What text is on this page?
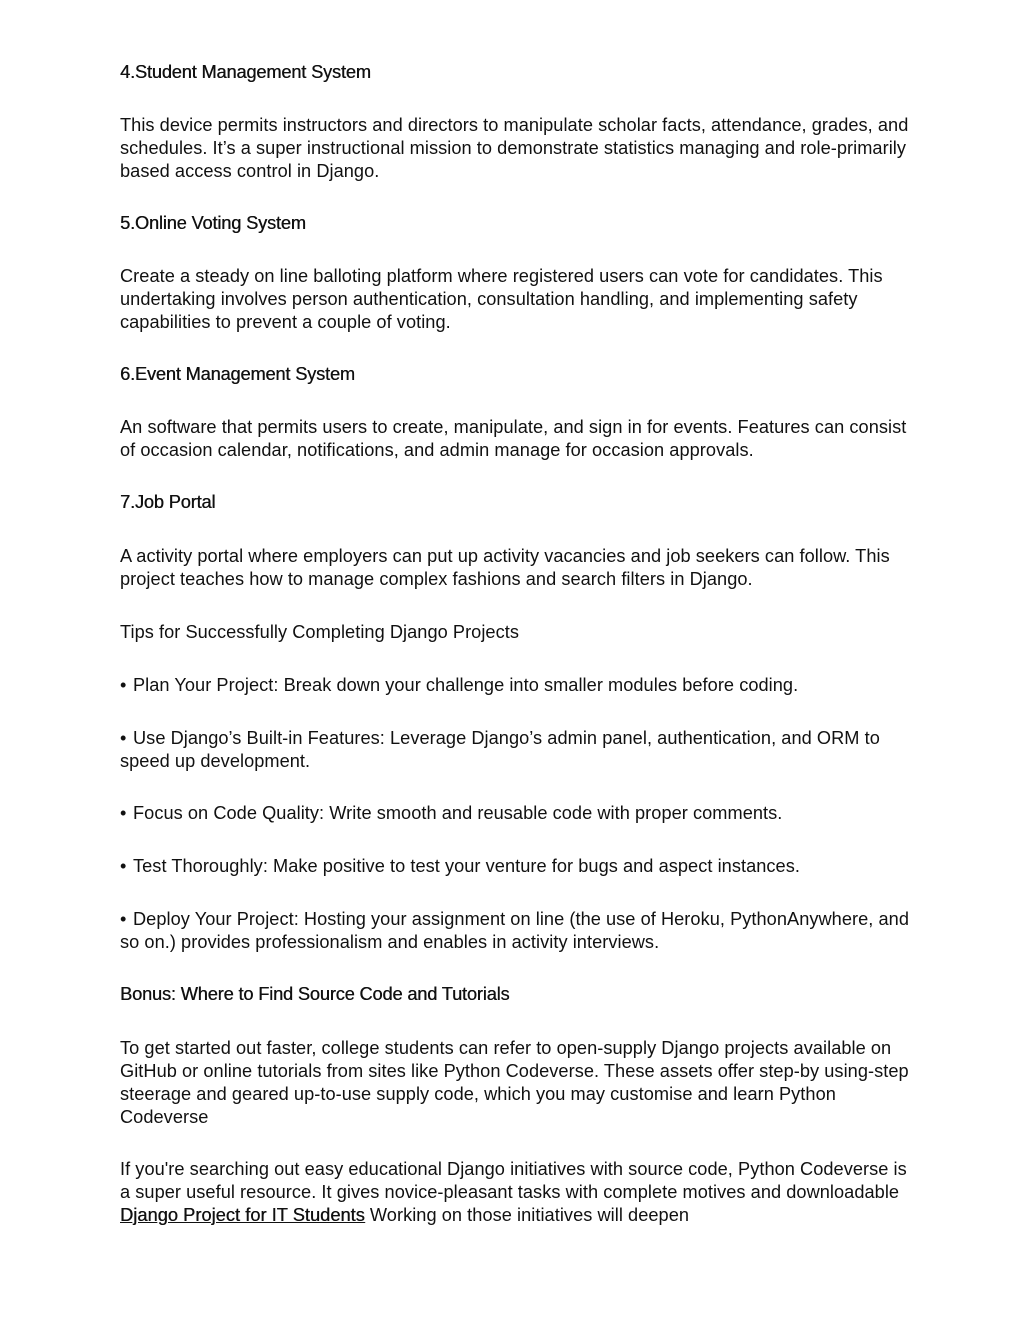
4.Student Management System

This device permits instructors and directors to manipulate scholar facts, attendance, grades, and schedules. It’s a super instructional mission to demonstrate statistics managing and role-primarily based access control in Django.

5.Online Voting System

Create a steady on line balloting platform where registered users can vote for candidates. This undertaking involves person authentication, consultation handling, and implementing safety capabilities to prevent a couple of voting.

6.Event Management System

An software that permits users to create, manipulate, and sign in for events. Features can consist of occasion calendar, notifications, and admin manage for occasion approvals.

7.Job Portal

A activity portal where employers can put up activity vacancies and job seekers can follow. This project teaches how to manage complex fashions and search filters in Django.

Tips for Successfully Completing Django Projects

• Plan Your Project: Break down your challenge into smaller modules before coding.

• Use Django’s Built-in Features: Leverage Django’s admin panel, authentication, and ORM to speed up development.

• Focus on Code Quality: Write smooth and reusable code with proper comments.

• Test Thoroughly: Make positive to test your venture for bugs and aspect instances.

• Deploy Your Project: Hosting your assignment on line (the use of Heroku, PythonAnywhere, and so on.) provides professionalism and enables in activity interviews.

Bonus: Where to Find Source Code and Tutorials

To get started out faster, college students can refer to open-supply Django projects available on GitHub or online tutorials from sites like Python Codeverse. These assets offer step-by using-step steerage and geared up-to-use supply code, which you may customise and learn Python Codeverse

If you're searching out easy educational Django initiatives with source code, Python Codeverse is a super useful resource. It gives novice-pleasant tasks with complete motives and downloadable Django Project for IT Students Working on those initiatives will deepen
